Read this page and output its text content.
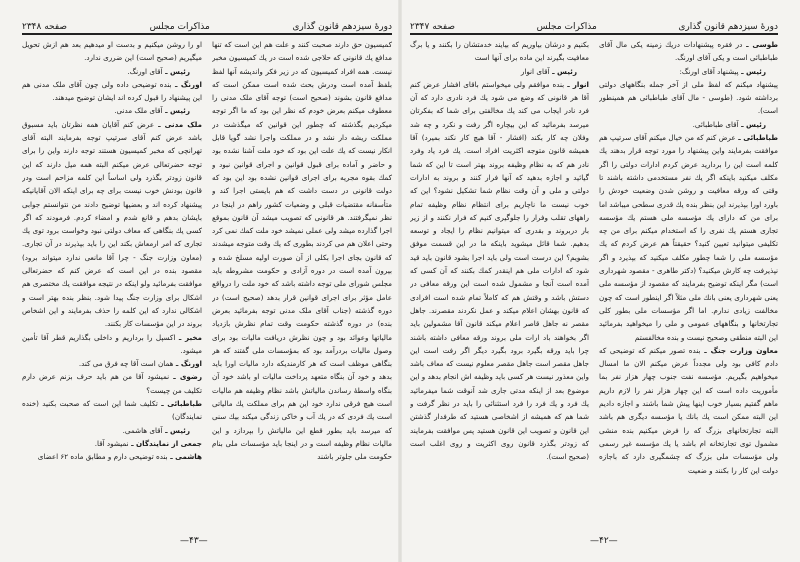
دورهٔ سیزدهم قانون گذاری
مذاکرات مجلس
صفحه ۲۳۴۸

او را روشن میکنیم و بدست او میدهیم بعد هم ازش تحویل میگیریم (صحیح است) این ضرری ندارد.

رئیس ـ آقای اورنگ.

اورنگ ـ بنده توضیحی داده ولی چون آقای ملک مدنی هم این پیشنهاد را قبول کرده اند ایشان توضیح میدهند.

رئیس ـ آقای ملک مدنی.

ملک مدنی ـ عرض کنم آقایان همه نظرتان باید مسبوق باشد عرض کنم آقای سرتیپ توجه بفرمایند البته آقای تهرانچی که مخبر کمیسیون هستند توجه دارند واین را برای توجه حضرتعالی عرض میکنم البته همه میل دارند که این قانون زودتر بگذرد ولی اساساً این کلمه مزاحم است ودر قانون بودنش خوب نیست برای چه برای اینکه الان آقایانیکه پیشنهاد کرده اند و بعضیها توضیح دادند من نتوانستم جوابی بایشان بدهم و قانع شدم و امضاء کردم. فرمودند که اگر کسی یك بنگاهی که معاف دولتی نبود وخواست برود توی یك تجاری که امر ارمعاش بکند این را باید بپذیرند در آن تجاری. (معاون وزارت جنگ - چرا آقا مانعی ندارد میتواند برود) مقصود بنده در این است که عرض کنم که حضرتعالی موافقت بفرمائید ولو اینکه در نتیجه موافقت یك مختصری هم اشکال برای وزارت جنگ پیدا شود. بنظر بنده بهتر است و اشکالی ندارد که این کلمه را حذف بفرمایند و این اشخاص بروند در این مؤسسات کار بکنند.

مخبر ـ اکسپل را برداریم و داخلی بگذاریم قطر آقا تأمین میشود.

اورنگ ـ همان است آقا چه فرق می کند.

رضوی ـ نمیشود آقا من هم باید حرف بزنم عرض دارم تکلیف من چیست؟

طباطبائی ـ تکلیف شما این است که صحبت بکنید (خنده نمایندگان)

رئیس ـ آقای هاشمی.

جمعی از نمایندگان ـ نمیشود آقا.

هاشمی ـ بنده توضیحی دارم و مطابق ماده ۶۲ اعضای

کمیسیون حق دارند صحبت کنند و علت هم این است که تنها مدافع یك قانونی که حلاجی شده است در یك کمیسیون مخبر نیست. همه افراد کمیسیون که در زیر فکر واندیشه آنها لفظ بلفظ آمده است ودرش بحث شده است ممکن است که مدافع قانون بشوند (صحیح است) توجه آقای ملک مدنی را معطوف میکنم بعرض خودم که نظر این بود که ما اگر توجه میکردیم بگذشته که چطور این قوانین که میگذشت در مملکت ریشه دار نشد و در مملکت واجرا نشد گویا قابل انکار نیست که یك علت این بود که خود ملت آشنا نشده بود و حاضر و آماده برای قبول قوانین و اجرای قوانین نبود و کمك بقوه مجریه برای اجرای قوانین نشده بود این بود که دولت قانونی در دست داشت که هم بایستی اجرا کند و متأسفانه مقتضیات قبلی و وضعیات کشور راهم در اینجا در نظر نمیگرفتند. هر قانونی که تصویب میشد آن قانون بموقع اجرا گذارده میشد ولی عملی نمیشد خود ملت کمك نمی کرد وحتی اعلان هم می کردند بطوری که یك وقت متوجه میشدند که قانون بجای اجرا بکلی از آن صورت اولیه مسلخ شده و بیرون آمده است در دوره آزادی و حکومت مشروطه باید مجلس شورای ملی توجه داشته باشد که خود ملت را درواقع عامل مؤثر برای اجرای قوانین قرار بدهد (صحیح است) در دوره گذشته (جناب آقای ملک مدنی توجه بفرمائید بعرض بنده) در دوره گذشته حکومت وقت تمام نظرش بازدیاد مالیاتها وعوائد بود و چون نظرش دریافت مالیات بود برای وصول مالیات بردرآمد بود که بمؤسسات ملی گفتند که هر بنگاهی موظف است که هر کارمندیکه دارد مالیات اورا باید بدهد و خود آن بنگاه متعهد پرداخت مالیات او باشد خود آن بنگاه واسطهٔ رساندن مالیاتش باشد نظام وظیفه هم مالیات است هیچ فرقی ندارد خود این هم برای مملکت یك مالیاتی است یك فردی که در یك آب و خاکی زندگی میکند بیك سنی که میرسد باید بطور قطع این مالیاتش را بپردازد و این مالیات نظام وظیفه است و در اینجا باید مؤسسات ملی بنام حکومت ملی جلوتر باشند

—۴۳—
دورهٔ سیزدهم قانون گذاری
مذاکرات مجلس
صفحه ۲۳۴۷

بکنیم و درشان بیاوریم که بیایند خدمتشان را بکنند و یا برگ معافیت بگیرند این ماده برای آنها است

رئیس ـ آقای انوار

انوار ـ بنده موافقم ولی میخواستم باقای افشار عرض کنم آقا هر قانونی که وضع می شود یك فرد نادری دارد که آن فرد نادر ایجاب می کند یك مخالفتی برای شما که بفکرتان میرسد بفرمائید که این بیچاره اگر رفت و نکرد و چه شد وفلان چه کار بکند (افشار - آقا هیچ کار نکند بمیرد) آقا همیشه قانون متوجه اکثریت افراد است. یك فرد یاد وفرد نادر هم که به نظام وظیفه بروند بهتر است تا این که شما گیائید و اجازه بدهید که آنها فرار کنند و بروند به ادارات دولتی و ملی و آن وقت نظام شما تشکیل نشود؟ این که خوب نیست ما ناچاریم برای انتظام نظام وظیفه تمام راههای تقلب وفرار را جلوگیری کنیم که فرار نکنند و از زیر بار دربروند و بقدری که میتوانیم نظام را ایجاد و توسعه بدهیم. شما قائل میشوید باینکه ما در این قسمت موفق بشویم؟ این درست است ولی باید اجرا بشود قانون باید قید شود که ادارات ملی هم اینقدر کمك بکنند که آن کسی که آمده است آنجا و مشمول شده است این ورقه معافی در دستش باشد و وقتش هم که کاملاً تمام شده است افرادی که قانون بهشان اعلام میکند و عمل نکردند مقصرند. جاهل مقصر نه جاهل قاصر اعلام میکند قانون آقا مشمولین باید اگر بخواهند باد ارات ملی بروند ورقه معافی داشته باشند چرا باید ورقه بگیرد برود بگیرد دیگر اگر رفت است این جاهل مقصر است جاهل مقصر معلوم نیست که معاف باشد واین معذور نیست هر کسی باید وظیفه اش انجام بدهد و این موضوع بعد از اینکه مدتی جاری شد آنوقت شما میفرمائید یك فرد و یك فرد را فرد استثنائی را باید در نظر گرفت و شما هم که همیشه از اشخاصی هستید که طرفدار گذشتن این قانون و تصویب این قانون هستید پس موافقت بفرمایند که زودتر بگذرد قانون روی اکثریت و روی اغلب است (صحیح است).

طوسی ـ در فقره پیشنهادات دریك زمینه یکی مال آقای طباطبائی است و یکی آقای اورنگ.

رئیس ـ پیشنهاد آقای اورنگ:

پیشنهاد میکنم که لفظ ملی از آخر جمله بنگاههای دولتی برداشته شود. (طوسی - مال آقای طباطبائی هم همینطور است).

رئیس ـ آقای طباطبائی.

طباطبائی ـ عرض کنم که من خیال میکنم آقای سرتیپ هم موافقت بفرمایند واین پیشنهاد را مورد توجه قرار بدهند یك کلمه است این را بردارید عرض کردم ادارات دولتی را اگر مکلف میکنید باینکه اگر یك نفر مستخدمی داشته باشند تا وقتی که ورقه معافیت و روشن شدن وضعیت خودش را باورد اورا بپذیرند این بنظر بنده یك قدری سطحی میباشد اما برای من که دارای یك مؤسسه ملی هستم یك مؤسسه تجاری هستم یك نفری را که استخدام میکنم برای من چه تکلیفی میتوانید تعیین کنید؟ حقیقتاً هم عرض کردم که یك مؤسسه ملی را شما چطور مکلف میکنید که بپذیرد و اگر نپذیرفت چه کارش میکنید؟ (دکتر طاهری - مقصود شهرداری است) مگر اینکه توضیح بفرمایند که مقصود از مؤسسه ملی یعنی شهرداری یعنی بانك ملی مثلاً اگر اینطور است که چون مخالفت زیادی ندارم. اما اگر مؤسسات ملی بطور کلی تجارتخانها و بنگاههای عمومی و ملی را میخواهید بفرمائید این البته منطقی وصحیح نیست و بنده مخالفستم

معاون وزارت جنگ ـ بنده تصور میکنم که توضیحی که دادم کافی بود ولی مجدداً عرض میکنم الان ما امسال میخواهیم بگیریم. مؤسسه نفت جنوب چهار هزار نفر بما مأموریت داده است که این چهار هزار نفر را لازم داریم ماهم گفتیم بسیار خوب اینها پیش شما باشند و اجازه دادیم این البته ممکن است یك بانك یا مؤسسه دیگری هم باشد البته تجارتخانهای بزرگ که را فرض میکنیم بنده منشی مشمول توی تجارتخانه ام باشد یا یك مؤسسه غیر رسمی ولی مؤسسات ملی بزرگ که چشمگیری دارد که باجازه دولت این کار را بکنند و ضعیت

—۴۲—
